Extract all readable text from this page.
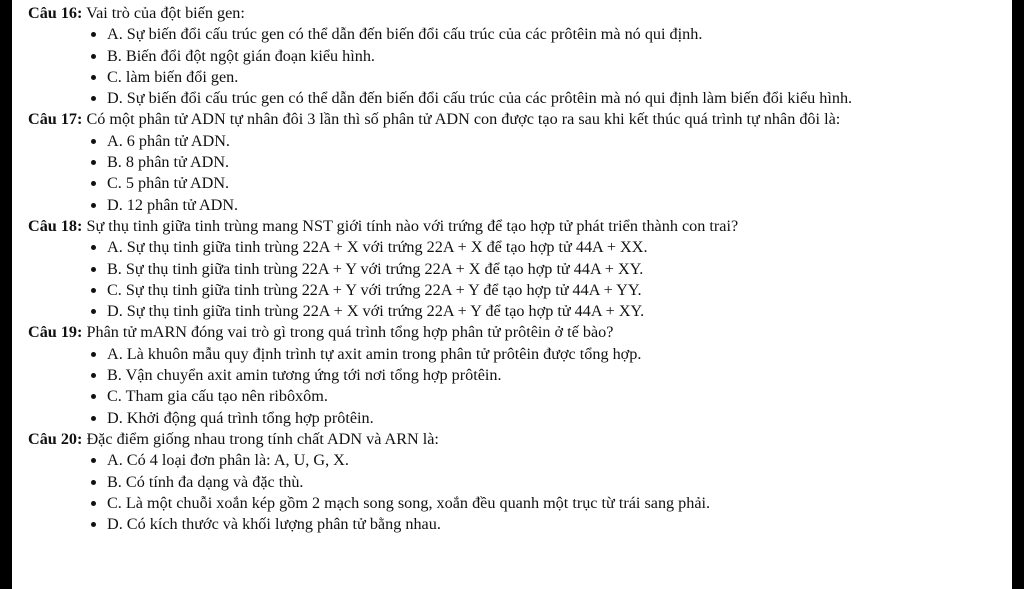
Câu 16: Vai trò của đột biến gen:

A. Sự biến đổi cấu trúc gen có thể dẫn đến biến đổi cấu trúc của các prôtêin mà nó qui định.
B. Biến đổi đột ngột gián đoạn kiểu hình.
C. làm biến đổi gen.
D. Sự biến đổi cấu trúc gen có thể dẫn đến biến đổi cấu trúc của các prôtêin mà nó qui định làm biến đổi kiểu hình.

Câu 17: Có một phân tử ADN tự nhân đôi 3 lần thì số phân tử ADN con được tạo ra sau khi kết thúc quá trình tự nhân đôi là:

A. 6 phân tử ADN.
B. 8 phân tử ADN.
C. 5 phân tử ADN.
D. 12 phân tử ADN.

Câu 18: Sự thụ tinh giữa tinh trùng mang NST giới tính nào với trứng để tạo hợp tử phát triển thành con trai?

A. Sự thụ tinh giữa tinh trùng 22A + X với trứng 22A + X để tạo hợp tử 44A + XX.
B. Sự thụ tinh giữa tinh trùng 22A + Y với trứng 22A + X để tạo hợp tử 44A + XY.
C. Sự thụ tinh giữa tinh trùng 22A + Y với trứng 22A + Y để tạo hợp tử 44A + YY.
D. Sự thụ tinh giữa tinh trùng 22A + X với trứng 22A + Y để tạo hợp tử 44A + XY.

Câu 19: Phân tử mARN đóng vai trò gì trong quá trình tổng hợp phân tử prôtêin ở tế bào?

A. Là khuôn mẫu quy định trình tự axit amin trong phân tử prôtêin được tổng hợp.
B. Vận chuyển axit amin tương ứng tới nơi tổng hợp prôtêin.
C. Tham gia cấu tạo nên ribôxôm.
D. Khởi động quá trình tổng hợp prôtêin.

Câu 20: Đặc điểm giống nhau trong tính chất ADN và ARN là:

A. Có 4 loại đơn phân là: A, U, G, X.
B. Có tính đa dạng và đặc thù.
C. Là một chuỗi xoắn kép gồm 2 mạch song song, xoắn đều quanh một trục từ trái sang phải.
D. Có kích thước và khối lượng phân tử bằng nhau.
